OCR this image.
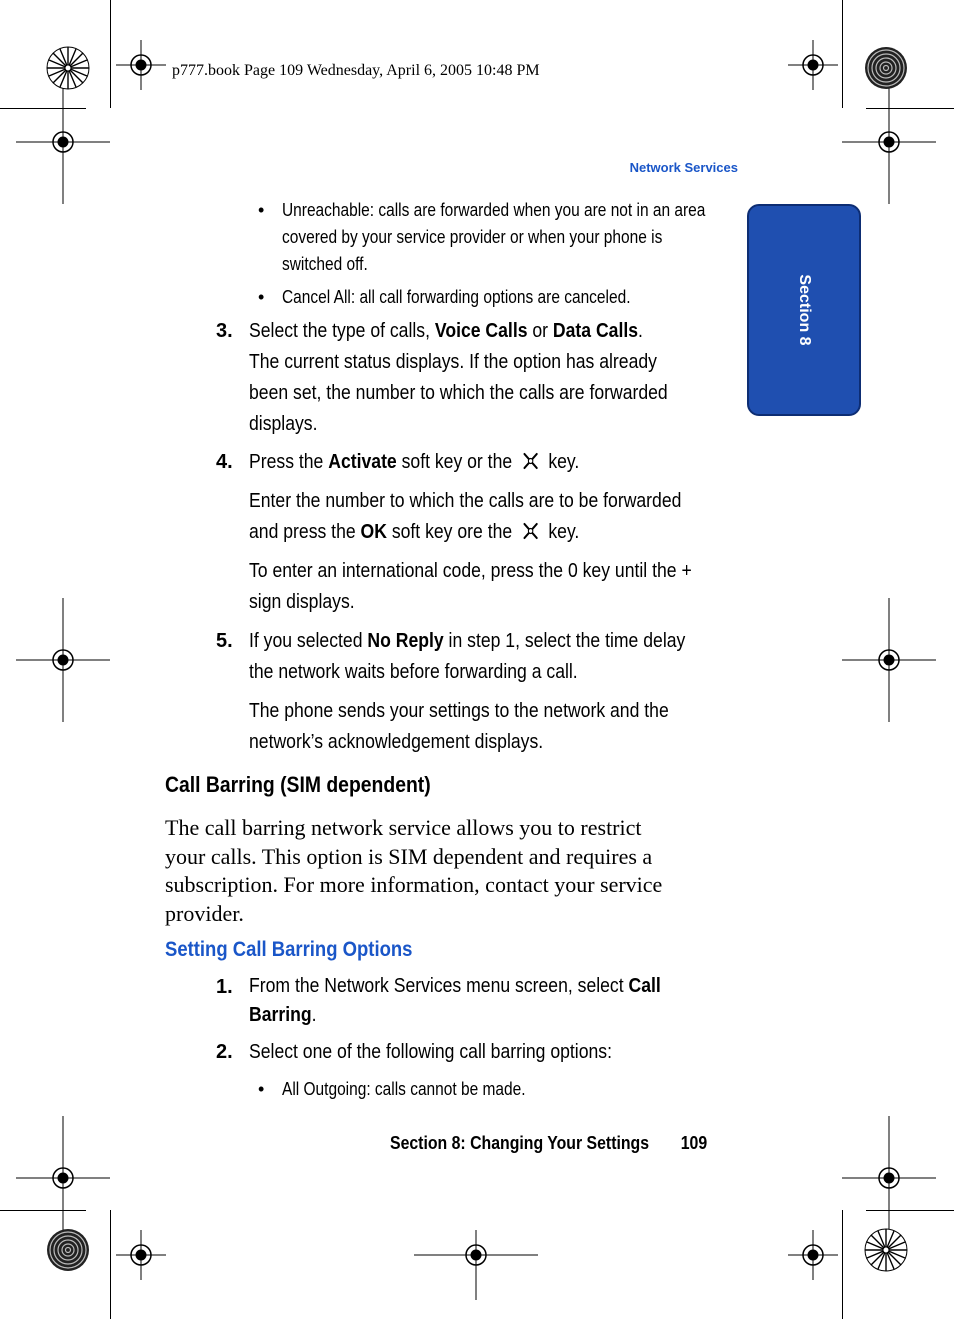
p777.book Page 109 Wednesday, April 6, 2005 10:48 PM
Network Services
Section 8
• Unreachable: calls are forwarded when you are not in an area
covered by your service provider or when your phone is
switched off.
• Cancel All: all call forwarding options are canceled.
3. Select the type of calls, Voice Calls or Data Calls.
The current status displays. If the option has already
been set, the number to which the calls are forwarded
displays.
4. Press the Activate soft key or the key.
Enter the number to which the calls are to be forwarded
and press the OK soft key ore the key.
To enter an international code, press the 0 key until the +
sign displays.
5. If you selected No Reply in step 1, select the time delay
the network waits before forwarding a call.
The phone sends your settings to the network and the
network’s acknowledgement displays.
Call Barring (SIM dependent)
The call barring network service allows you to restrict
your calls. This option is SIM dependent and requires a
subscription. For more information, contact your service
provider.
Setting Call Barring Options
1. From the Network Services menu screen, select Call
Barring.
2. Select one of the following call barring options:
• All Outgoing: calls cannot be made.
Section 8: Changing Your Settings 109
